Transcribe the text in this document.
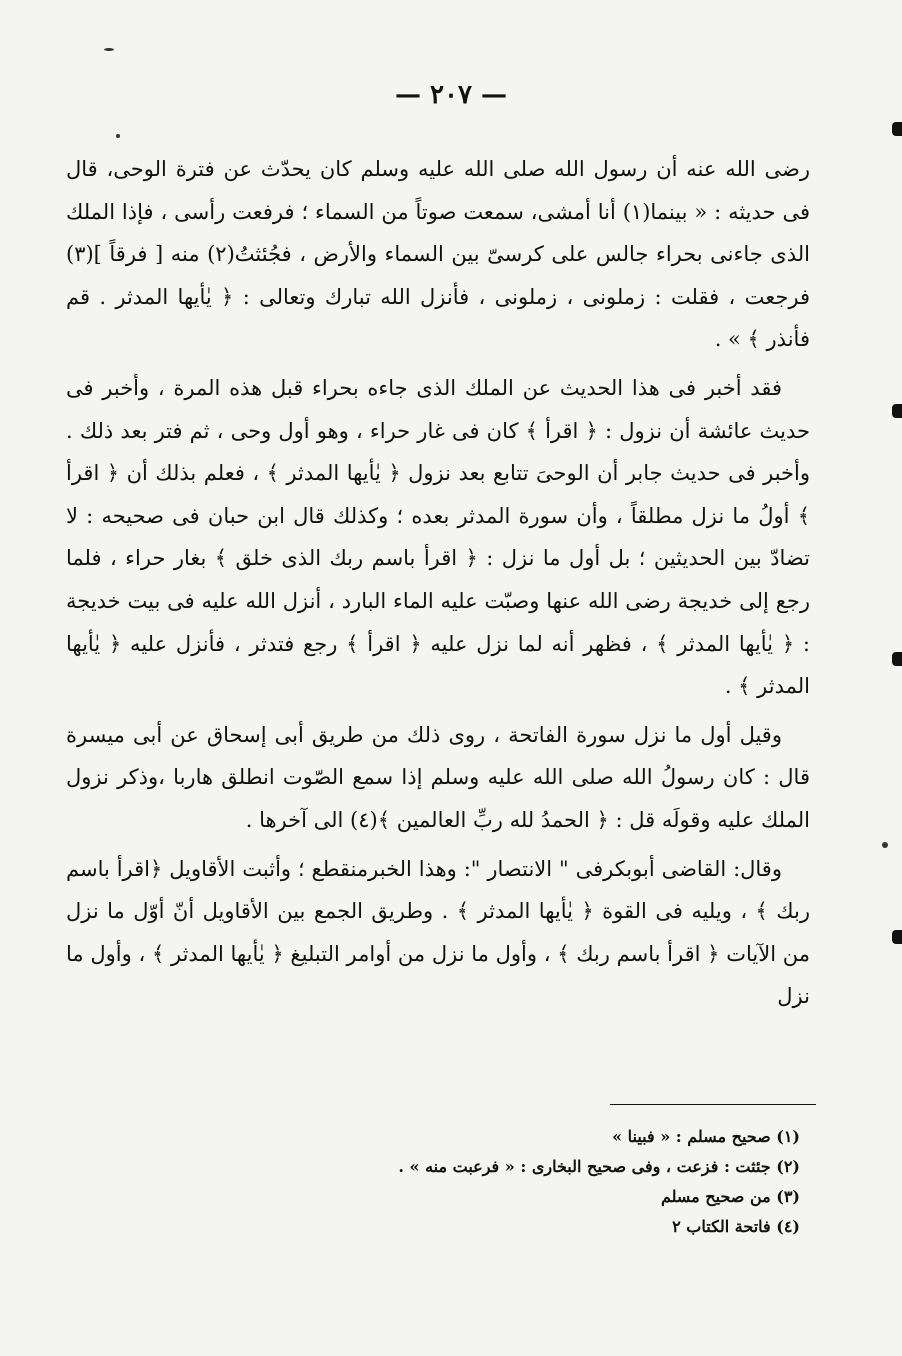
— ٢٠٧ —

رضى الله عنه أن رسول الله صلى الله عليه وسلم كان يحدّث عن فترة الوحى، قال فى حديثه : « بينما(١) أنا أمشى، سمعت صوتاً من السماء ؛ فرفعت رأسى ، فإذا الملك الذى جاءنى بحراء جالس على كرسىّ بين السماء والأرض ، فجُئثتُ(٢) منه [ فرقاً ](٣) فرجعت ، فقلت : زملونى ، زملونى ، فأنزل الله تبارك وتعالى : ﴿ يٰأيها المدثر . قم فأنذر ﴾ » .

فقد أخبر فى هذا الحديث عن الملك الذى جاءه بحراء قبل هذه المرة ، وأخبر فى حديث عائشة أن نزول : ﴿ اقرأ ﴾ كان فى غار حراء ، وهو أول وحى ، ثم فتر بعد ذلك . وأخبر فى حديث جابر أن الوحىَ تتابع بعد نزول ﴿ يٰأيها المدثر ﴾ ، فعلم بذلك أن ﴿ اقرأ ﴾ أولُ ما نزل مطلقاً ، وأن سورة المدثر بعده ؛ وكذلك قال ابن حبان فى صحيحه : لا تضادّ بين الحديثين ؛ بل أول ما نزل : ﴿ اقرأ باسم ربك الذى خلق ﴾ بغار حراء ، فلما رجع إلى خديجة رضى الله عنها وصبّت عليه الماء البارد ، أنزل الله عليه فى بيت خديجة : ﴿ يٰأيها المدثر ﴾ ، فظهر أنه لما نزل عليه ﴿ اقرأ ﴾ رجع فتدثر ، فأنزل عليه ﴿ يٰأيها المدثر ﴾ .

وقيل أول ما نزل سورة الفاتحة ، روى ذلك من طريق أبى إسحاق عن أبى ميسرة قال : كان رسولُ الله صلى الله عليه وسلم إذا سمع الصّوت انطلق هاربا ،وذكر نزول الملك عليه وقولَه قل : ﴿ الحمدُ لله ربِّ العالمين ﴾(٤) الى آخرها .

وقال: القاضى أبوبكرفى " الانتصار ": وهذا الخبرمنقطع ؛ وأثبت الأقاويل ﴿اقرأ باسم ربك ﴾ ، ويليه فى القوة ﴿ يٰأيها المدثر ﴾ . وطريق الجمع بين الأقاويل أنّ أوّل ما نزل من الآيات ﴿ اقرأ باسم ربك ﴾ ، وأول ما نزل من أوامر التبليغ ﴿ يٰأيها المدثر ﴾ ، وأول ما نزل

(١) صحيح مسلم : « فبينا »

(٢) جئثت : فزعت ، وفى صحيح البخارى : « فرعبت منه » .

(٣) من صحيح مسلم

(٤) فاتحة الكتاب ٢
